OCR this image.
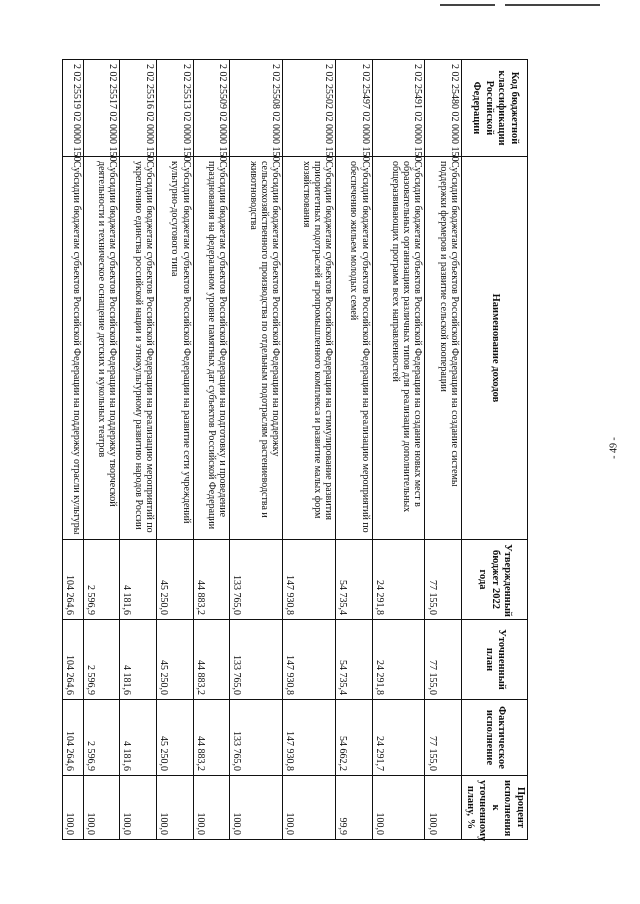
- 49 -
Код бюджетной классификации Российской Федерации	Наименование доходов	Утвержденный бюджет 2022 года	Уточненный план	Фактическое исполнение	Процент исполнения к уточненному плану, %
2 02 25480 02 0000 150	Субсидии бюджетам субъектов Российской Федерации на создание системы поддержки фермеров и развитие сельской кооперации	77 155,0	77 155,0	77 155,0	100,0
2 02 25491 02 0000 150	Субсидии бюджетам субъектов Российской Федерации на создание новых мест в образовательных организациях различных типов для реализации дополнительных общеразвивающих программ всех направленностей	24 291,8	24 291,8	24 291,7	100,0
2 02 25497 02 0000 150	Субсидии бюджетам субъектов Российской Федерации на реализацию мероприятий по обеспечению жильем молодых семей	54 735,4	54 735,4	54 662,2	99,9
2 02 25502 02 0000 150	Субсидии бюджетам субъектов Российской Федерации на стимулирование развития приоритетных подотраслей агропромышленного комплекса и развитие малых форм хозяйствования	147 930,8	147 930,8	147 930,8	100,0
2 02 25508 02 0000 150	Субсидии бюджетам субъектов Российской Федерации на поддержку сельскохозяйственного производства по отдельным подотраслям растениеводства и животноводства	133 765,0	133 765,0	133 765,0	100,0
2 02 25509 02 0000 150	Субсидии бюджетам субъектов Российской Федерации на подготовку и проведение празднования на федеральном уровне памятных дат субъектов Российской Федерации	44 883,2	44 883,2	44 883,2	100,0
2 02 25513 02 0000 150	Субсидии бюджетам субъектов Российской Федерации на развитие сети учреждений культурно-досугового типа	45 250,0	45 250,0	45 250,0	100,0
2 02 25516 02 0000 150	Субсидии бюджетам субъектов Российской Федерации на реализацию мероприятий по укреплению единства российской нации и этнокультурному развитию народов России	4 181,6	4 181,6	4 181,6	100,0
2 02 25517 02 0000 150	Субсидии бюджетам субъектов Российской Федерации на поддержку творческой деятельности и техническое оснащение детских и кукольных театров	2 596,9	2 596,9	2 596,9	100,0
2 02 25519 02 0000 150	Субсидии бюджетам субъектов Российской Федерации на поддержку отрасли культуры	104 264,6	104 264,6	104 264,6	100,0
